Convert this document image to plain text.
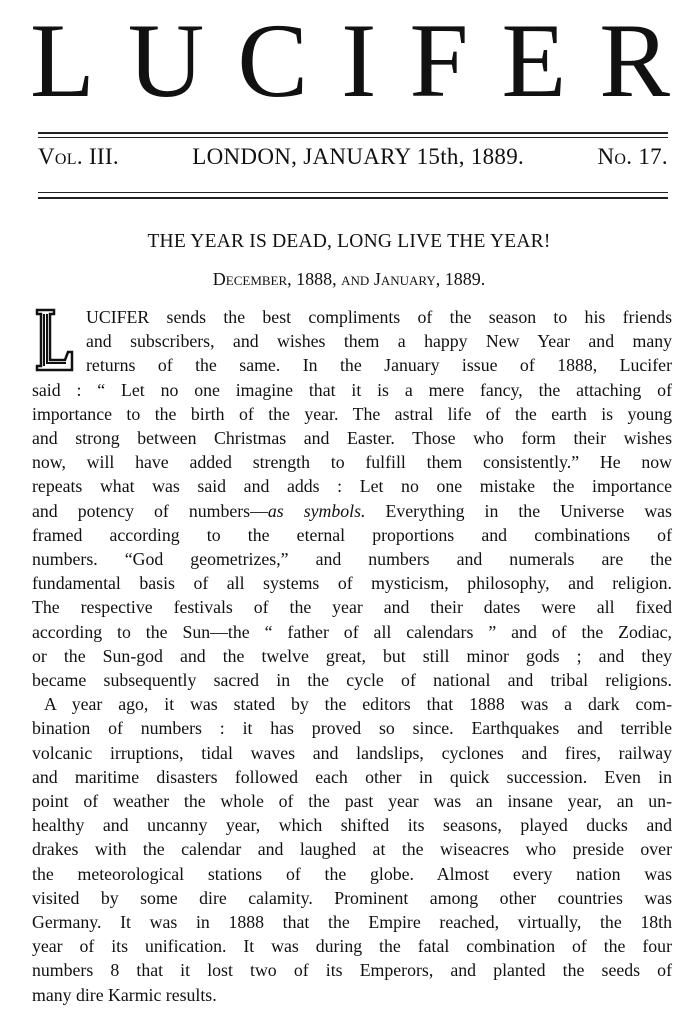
L U C I F E R
Vol. III.	LONDON, JANUARY 15th, 1889.	No. 17.
THE YEAR IS DEAD, LONG LIVE THE YEAR!
December, 1888, and January, 1889.
UCIFER sends the best compliments of the season to his friends
and subscribers, and wishes them a happy New Year and many
returns of the same. In the January issue of 1888, Lucifer
said : “ Let no one imagine that it is a mere fancy, the attaching of
importance to the birth of the year. The astral life of the earth is young
and strong between Christmas and Easter. Those who form their wishes
now, will have added strength to fulfill them consistently.” He now
repeats what was said and adds : Let no one mistake the importance
and potency of numbers—as symbols. Everything in the Universe was
framed according to the eternal proportions and combinations of
numbers. “God geometrizes,” and numbers and numerals are the
fundamental basis of all systems of mysticism, philosophy, and religion.
The respective festivals of the year and their dates were all fixed
according to the Sun—the “ father of all calendars ” and of the Zodiac,
or the Sun-god and the twelve great, but still minor gods ; and they
became subsequently sacred in the cycle of national and tribal religions.
A year ago, it was stated by the editors that 1888 was a dark com-
bination of numbers : it has proved so since. Earthquakes and terrible
volcanic irruptions, tidal waves and landslips, cyclones and fires, railway
and maritime disasters followed each other in quick succession. Even in
point of weather the whole of the past year was an insane year, an un-
healthy and uncanny year, which shifted its seasons, played ducks and
drakes with the calendar and laughed at the wiseacres who preside over
the meteorological stations of the globe. Almost every nation was
visited by some dire calamity. Prominent among other countries was
Germany. It was in 1888 that the Empire reached, virtually, the 18th
year of its unification. It was during the fatal combination of the four
numbers 8 that it lost two of its Emperors, and planted the seeds of
many dire Karmic results.
